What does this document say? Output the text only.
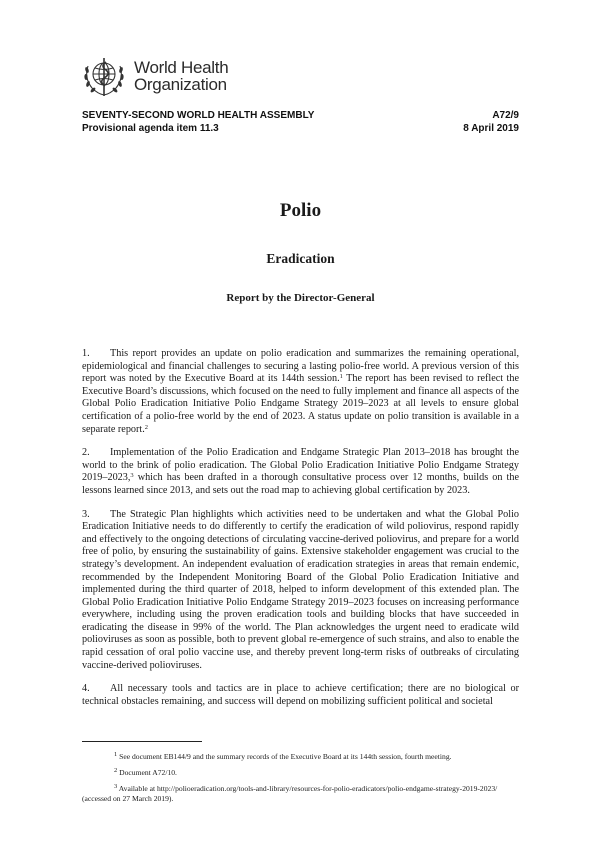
World Health
Organization
SEVENTY-SECOND WORLD HEALTH ASSEMBLY
Provisional agenda item 11.3
A72/9
8 April 2019
Polio
Eradication
Report by the Director-General

1. This report provides an update on polio eradication and summarizes the remaining operational, epidemiological and financial challenges to securing a lasting polio-free world. A previous version of this report was noted by the Executive Board at its 144th session.$^1$ The report has been revised to reflect the Executive Board’s discussions, which focused on the need to fully implement and finance all aspects of the Global Polio Eradication Initiative Polio Endgame Strategy 2019–2023 at all levels to ensure global certification of a polio-free world by the end of 2023. A status update on polio transition is available in a separate report.$^2$

2. Implementation of the Polio Eradication and Endgame Strategic Plan 2013–2018 has brought the world to the brink of polio eradication. The Global Polio Eradication Initiative Polio Endgame Strategy 2019–2023,$^3$ which has been drafted in a thorough consultative process over 12 months, builds on the lessons learned since 2013, and sets out the road map to achieving global certification by 2023.

3. The Strategic Plan highlights which activities need to be undertaken and what the Global Polio Eradication Initiative needs to do differently to certify the eradication of wild poliovirus, respond rapidly and effectively to the ongoing detections of circulating vaccine-derived poliovirus, and prepare for a world free of polio, by ensuring the sustainability of gains. Extensive stakeholder engagement was crucial to the strategy’s development. An independent evaluation of eradication strategies in areas that remain endemic, recommended by the Independent Monitoring Board of the Global Polio Eradication Initiative and implemented during the third quarter of 2018, helped to inform development of this extended plan. The Global Polio Eradication Initiative Polio Endgame Strategy 2019–2023 focuses on increasing performance everywhere, including using the proven eradication tools and building blocks that have succeeded in eradicating the disease in 99% of the world. The Plan acknowledges the urgent need to eradicate wild polioviruses as soon as possible, both to prevent global re-emergence of such strains, and also to enable the rapid cessation of oral polio vaccine use, and thereby prevent long-term risks of outbreaks of circulating vaccine-derived polioviruses.

4. All necessary tools and tactics are in place to achieve certification; there are no biological or technical obstacles remaining, and success will depend on mobilizing sufficient political and societal

$^1$ See document EB144/9 and the summary records of the Executive Board at its 144th session, fourth meeting.

$^2$ Document A72/10.

$^3$ Available at http://polioeradication.org/tools-and-library/resources-for-polio-eradicators/polio-endgame-strategy-2019-2023/ (accessed on 27 March 2019).
